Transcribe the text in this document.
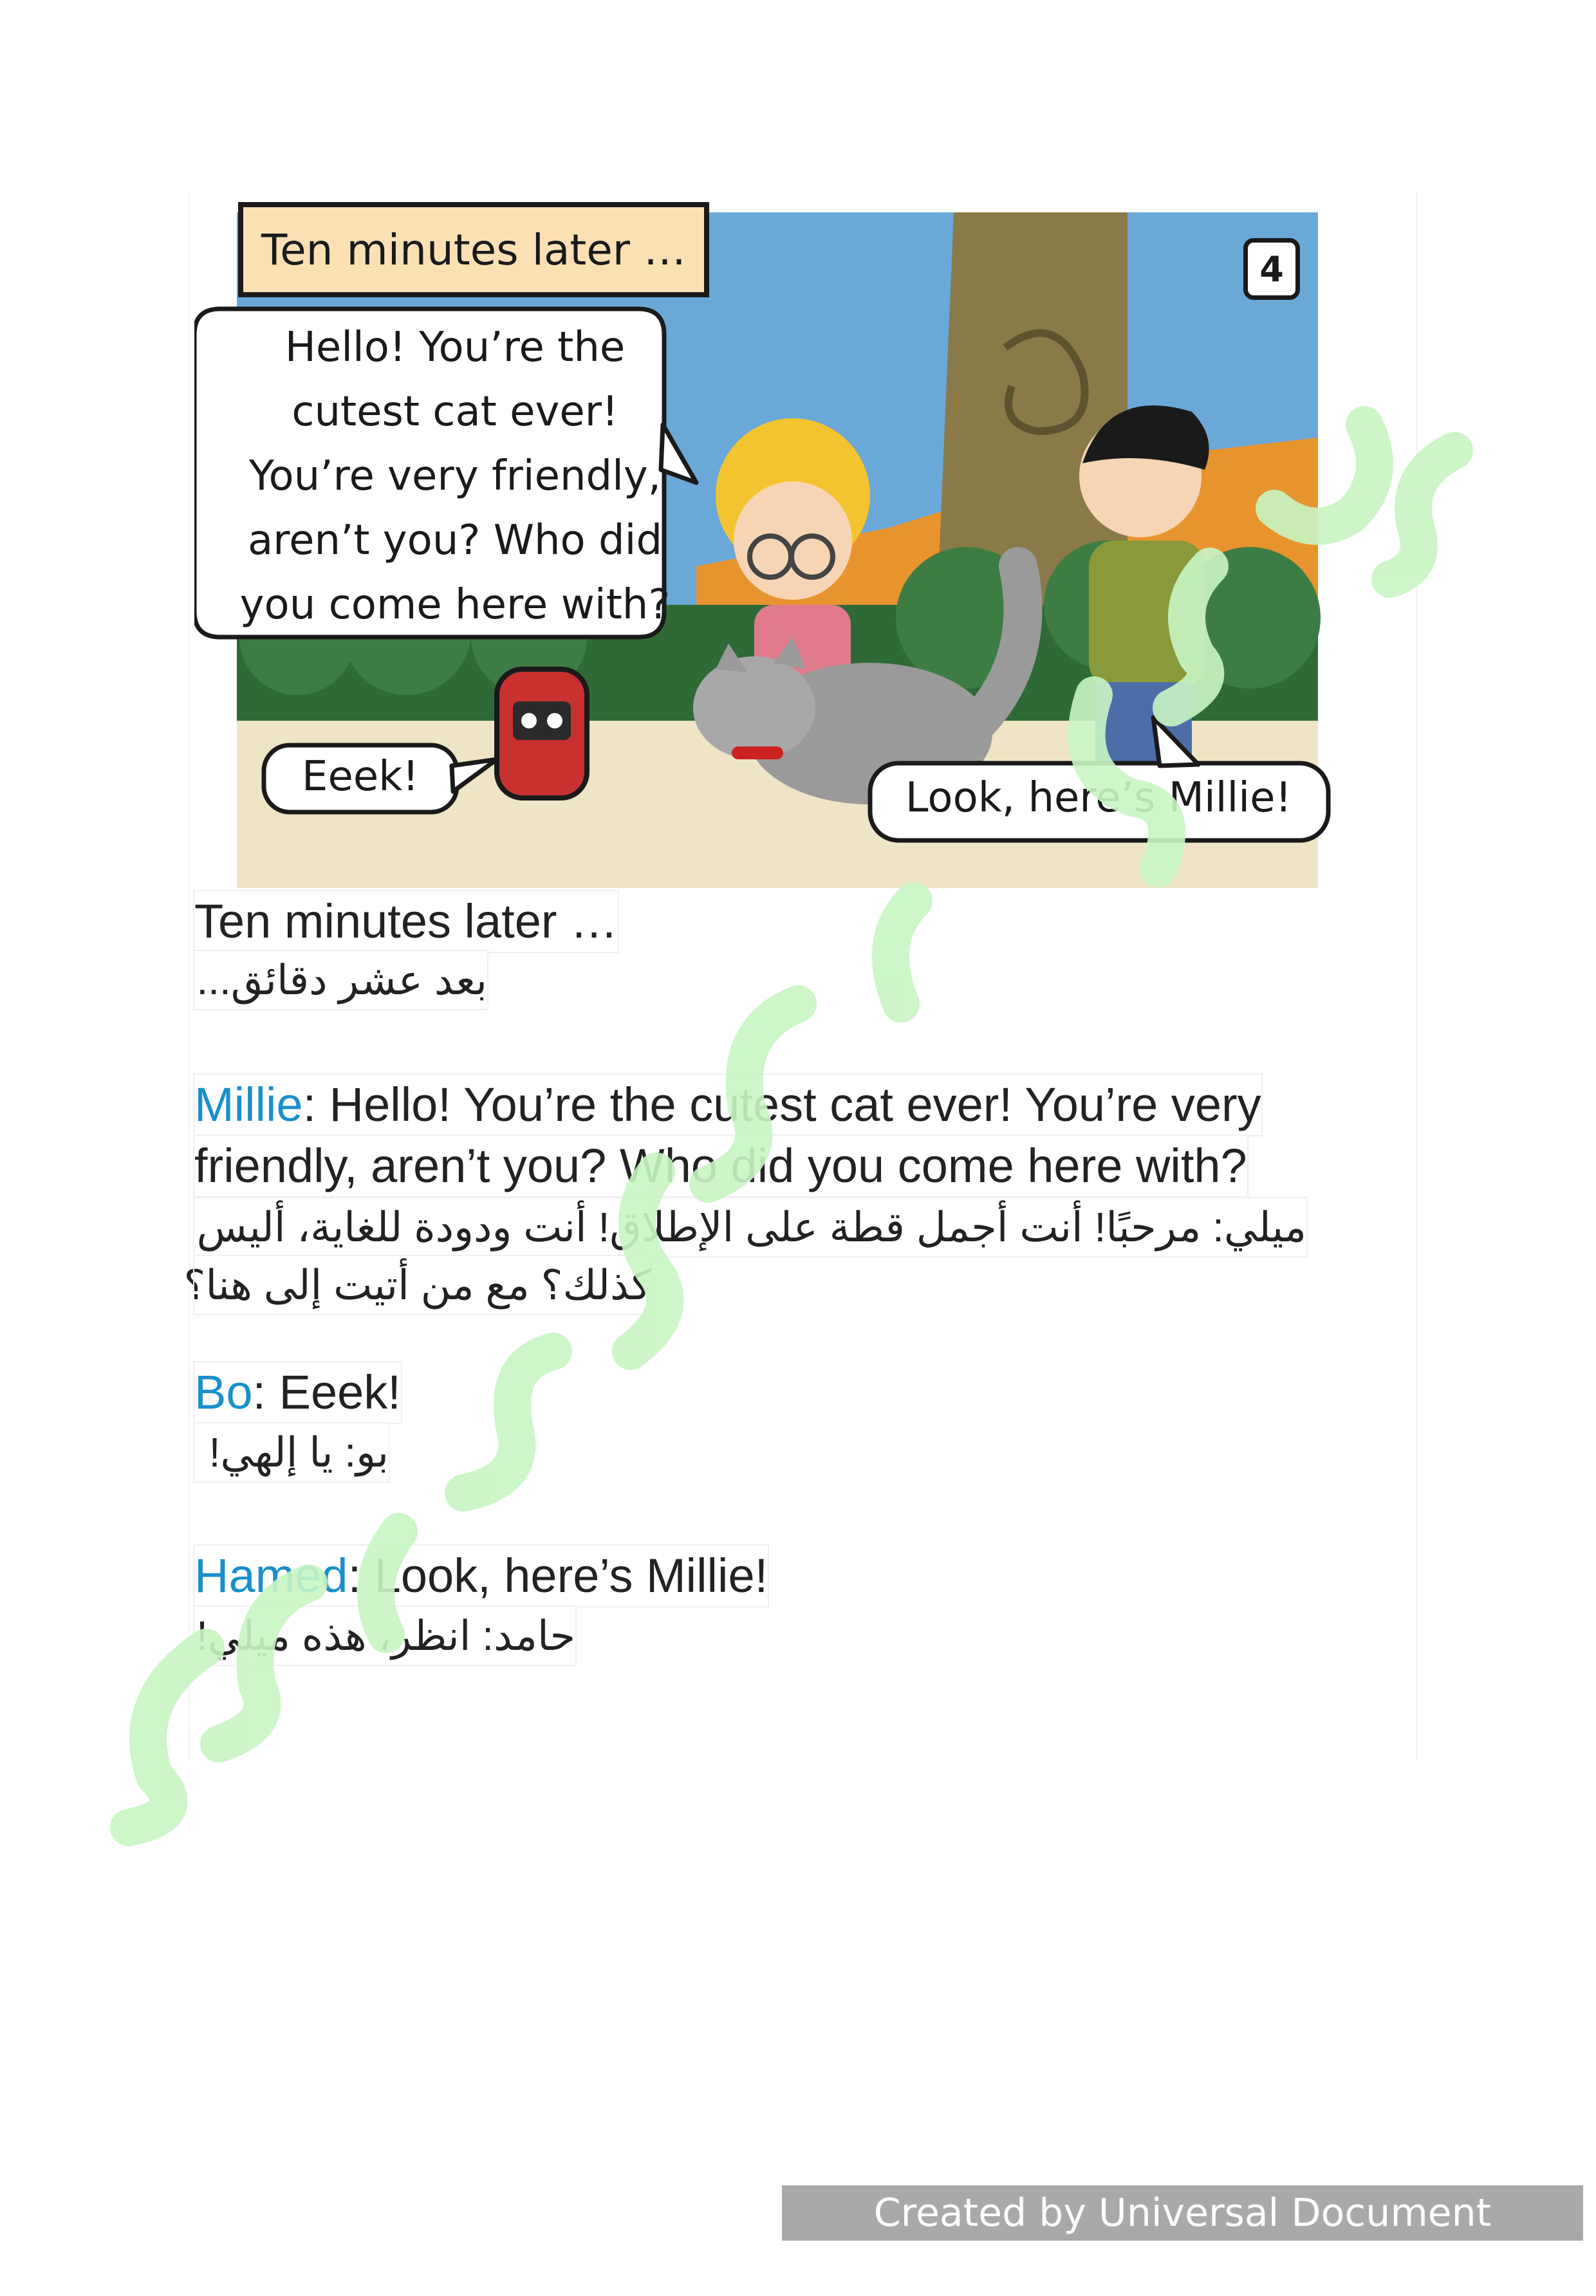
Ten minutes later …	4
Hello! You’re the
cutest cat ever!
You’re very friendly,
aren’t you? Who did
you come here with?
Eeek!	Look, here’s Millie!
Ten minutes later …
بعد عشر دقائق...
Millie: Hello! You’re the cutest cat ever! You’re very
friendly, aren’t you? Who did you come here with?
ميلي: مرحبًا! أنت أجمل قطة على الإطلاق! أنت ودودة للغاية، أليس
كذلك؟ مع من أتيت إلى هنا؟
Bo: Eeek!
بو: يا إلهي!
Hamed: Look, here’s Millie!
حامد: انظر، هذه ميلي!
Created by Universal Document Converter
